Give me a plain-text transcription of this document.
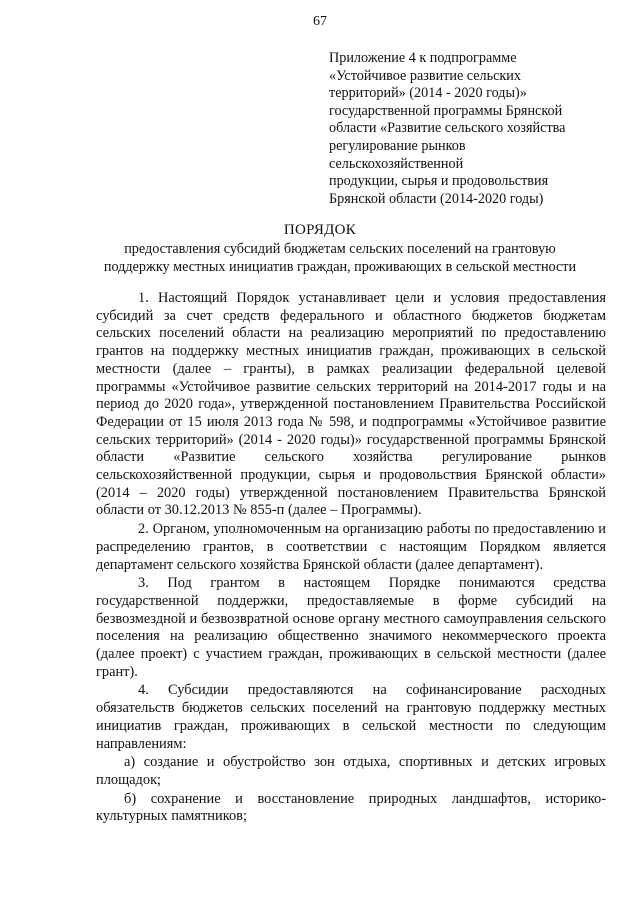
67
Приложение 4 к подпрограмме
«Устойчивое развитие сельских
территорий» (2014 - 2020 годы)»
государственной программы Брянской
области «Развитие сельского хозяйства
регулирование рынков
сельскохозяйственной
продукции, сырья и продовольствия
Брянской области (2014-2020 годы)
ПОРЯДОК
предоставления субсидий бюджетам сельских поселений на грантовую
поддержку местных инициатив граждан, проживающих в сельской местности

1. Настоящий Порядок устанавливает цели и условия предоставления субсидий за счет средств федерального и областного бюджетов бюджетам сельских поселений области на реализацию мероприятий по предоставлению грантов на поддержку местных инициатив граждан, проживающих в сельской местности (далее – гранты), в рамках реализации федеральной целевой программы «Устойчивое развитие сельских территорий на 2014-2017 годы и на период до 2020 года», утвержденной постановлением Правительства Российской Федерации от 15 июля 2013 года № 598, и подпрограммы «Устойчивое развитие сельских территорий» (2014 - 2020 годы)» государственной программы Брянской области «Развитие сельского хозяйства регулирование рынков сельскохозяйственной продукции, сырья и продовольствия Брянской области» (2014 – 2020 годы) утвержденной постановлением Правительства Брянской области от 30.12.2013 № 855-п (далее – Программы).

2. Органом, уполномоченным на организацию работы по предоставлению и распределению грантов, в соответствии с настоящим Порядком является департамент сельского хозяйства Брянской области (далее департамент).

3. Под грантом в настоящем Порядке понимаются средства государственной поддержки, предоставляемые в форме субсидий на безвозмездной и безвозвратной основе органу местного самоуправления сельского поселения на реализацию общественно значимого некоммерческого проекта (далее проект) с участием граждан, проживающих в сельской местности (далее грант).

4. Субсидии предоставляются на софинансирование расходных обязательств бюджетов сельских поселений на грантовую поддержку местных инициатив граждан, проживающих в сельской местности по следующим направлениям:

а) создание и обустройство зон отдыха, спортивных и детских игровых площадок;

б) сохранение и восстановление природных ландшафтов, историко-культурных памятников;
